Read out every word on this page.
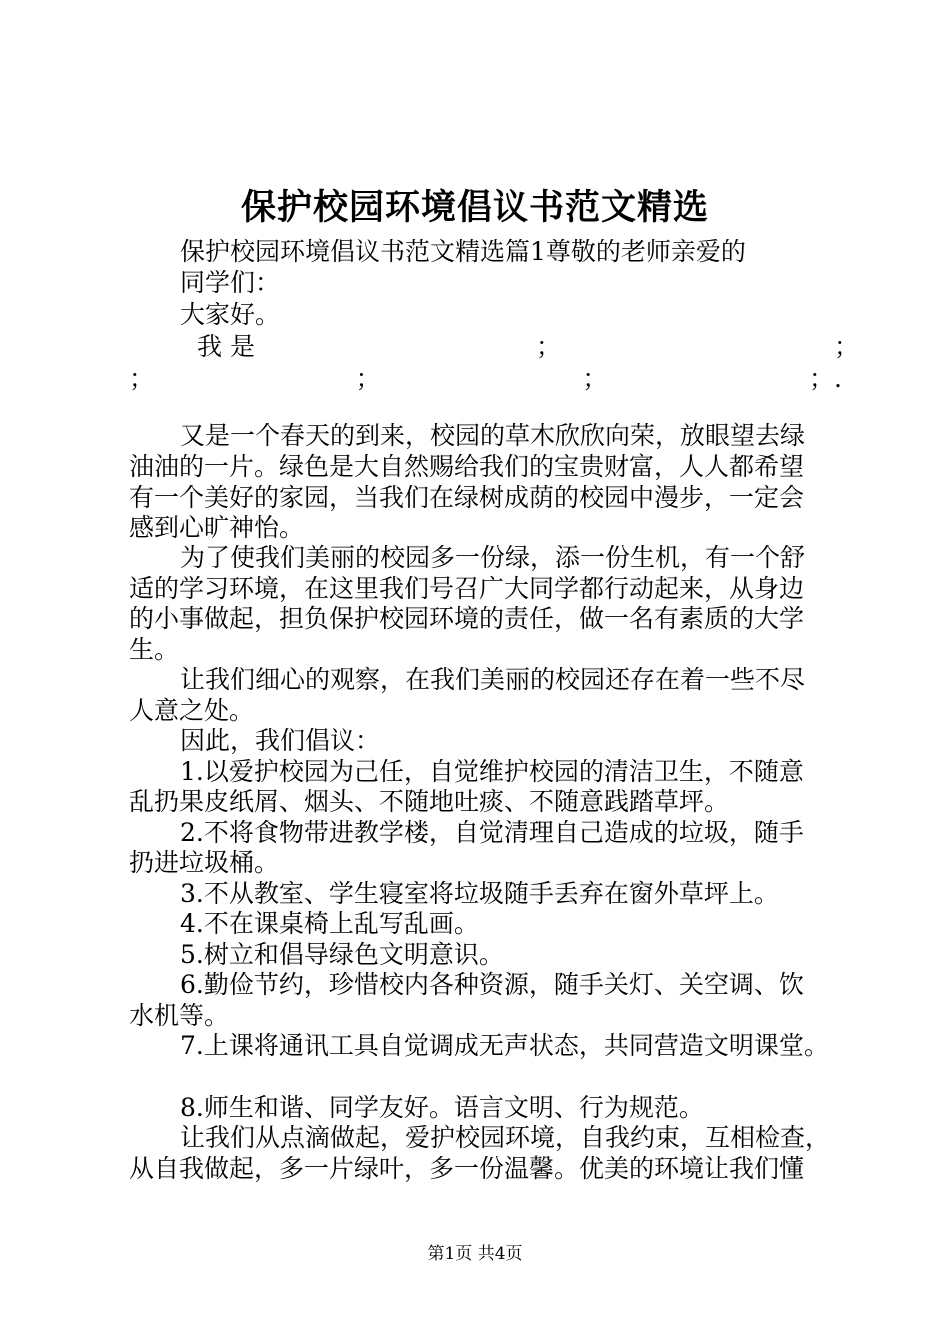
保护校园环境倡议书范文精选
保护校园环境倡议书范文精选篇1尊敬的老师亲爱的
同学们：
大家好。
我是	；	；
；	；	；	；.
又是一个春天的到来，校园的草木欣欣向荣，放眼望去绿
油油的一片。绿色是大自然赐给我们的宝贵财富，人人都希望
有一个美好的家园，当我们在绿树成荫的校园中漫步，一定会
感到心旷神怡。
为了使我们美丽的校园多一份绿，添一份生机，有一个舒
适的学习环境，在这里我们号召广大同学都行动起来，从身边
的小事做起，担负保护校园环境的责任，做一名有素质的大学
生。
让我们细心的观察，在我们美丽的校园还存在着一些不尽
人意之处。
因此，我们倡议：
1.以爱护校园为己任，自觉维护校园的清洁卫生，不随意
乱扔果皮纸屑、烟头、不随地吐痰、不随意践踏草坪。
2.不将食物带进教学楼，自觉清理自己造成的垃圾，随手
扔进垃圾桶。
3.不从教室、学生寝室将垃圾随手丢弃在窗外草坪上。
4.不在课桌椅上乱写乱画。
5.树立和倡导绿色文明意识。
6.勤俭节约，珍惜校内各种资源，随手关灯、关空调、饮
水机等。
7.上课将通讯工具自觉调成无声状态，共同营造文明课堂。
8.师生和谐、同学友好。语言文明、行为规范。
让我们从点滴做起，爱护校园环境，自我约束，互相检查，
从自我做起，多一片绿叶，多一份温馨。优美的环境让我们懂
第1页 共4页
